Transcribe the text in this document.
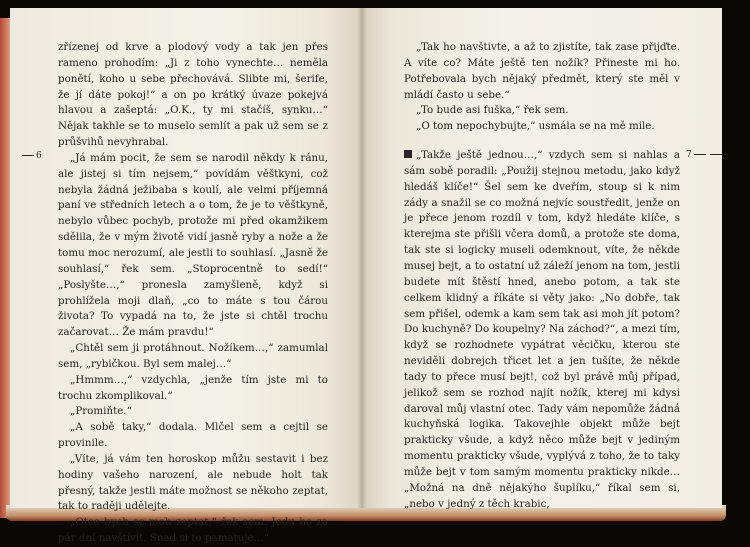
6	7

zřízenej od krve a plodový vody a tak jen přes rameno prohodím: „Ji z toho vynechte… neměla ponětí, koho u sebe přechovává. Slibte mi, šerife, že jí dáte pokoj!“ a on po krátký úvaze pokejvá hlavou a zašeptá: „O.K., ty mi stačíš, synku…“ Nějak takhle se to muselo semlít a pak už sem se z průšvihů nevyhrabal.

„Já mám pocit, že sem se narodil někdy k ránu, ale jistej si tím nejsem,“ povídám věštkyni, což nebyla žádná ježibaba s koulí, ale velmi příjemná paní ve středních letech a o tom, že je to věštkyně, nebylo vůbec pochyb, protože mi před okamžikem sdělila, že v mým životě vidí jasně ryby a nože a že tomu moc nerozumí, ale jestli to souhlasí. „Jasně že souhlasí,“ řek sem. „Stoprocentně to sedí!“ „Poslyšte…,“ pronesla zamyšleně, když si prohlížela moji dlaň, „co to máte s tou čárou života? To vypadá na to, že jste si chtěl trochu začarovat… Že mám pravdu!“

„Chtěl sem ji protáhnout. Nožíkem…,“ zamumlal sem, „rybičkou. Byl sem malej…“

„Hmmm…,“ vzdychla, „jenže tím jste mi to trochu zkomplikoval.“

„Promiňte.“

„A sobě taky,“ dodala. Mlčel sem a cejtil se provinile.

„Víte, já vám ten horoskop můžu sestavit i bez hodiny vašeho narození, ale nebude holt tak přesný, takže jestli máte možnost se někoho zeptat, tak to raději udělejte.

„Otce bych se moh zeptat,“ řek sem. Jedu ho za pár dní navštívit. Snad si to pamatuje…“

„Tak ho navštivte, a až to zjistíte, tak zase přijďte. A víte co? Máte ještě ten nožík? Přineste mi ho. Potřebovala bych nějaký předmět, který ste měl v mládí často u sebe.“

„To bude asi fuška,“ řek sem.

„O tom nepochybujte,“ usmála se na mě mile.

„Takže ještě jednou…,“ vzdych sem si nahlas a sám sobě poradil: „Použij stejnou metodu, jako když hledáš klíče!“ Šel sem ke dveřím, stoup si k nim zády a snažil se co možná nejvíc soustředit, jenže on je přece jenom rozdíl v tom, když hledáte klíče, s kterejma ste přišli včera domů, a protože ste doma, tak ste si logicky museli odemknout, víte, že někde musej bejt, a to ostatní už záleží jenom na tom, jestli budete mít štěstí hned, anebo potom, a tak ste celkem klidný a říkáte si věty jako: „No dobře, tak sem přišel, odemk a kam sem tak asi moh jít potom? Do kuchyně? Do koupelny? Na záchod?“, a mezi tím, když se rozhodnete vypátrat věcičku, kterou ste neviděli dobrejch třicet let a jen tušíte, že někde tady to přece musí bejt!, což byl právě můj případ, jelikož sem se rozhod najít nožík, kterej mi kdysi daroval můj vlastní otec. Tady vám nepomůže žádná kuchyňská logika. Takovejhle objekt může bejt prakticky všude, a když něco může bejt v jediným momentu prakticky všude, vyplývá z toho, že to taky může bejt v tom samým momentu prakticky nikde… „Možná na dně nějakýho šuplíku,“ říkal sem si, „nebo v jedný z těch krabic,
